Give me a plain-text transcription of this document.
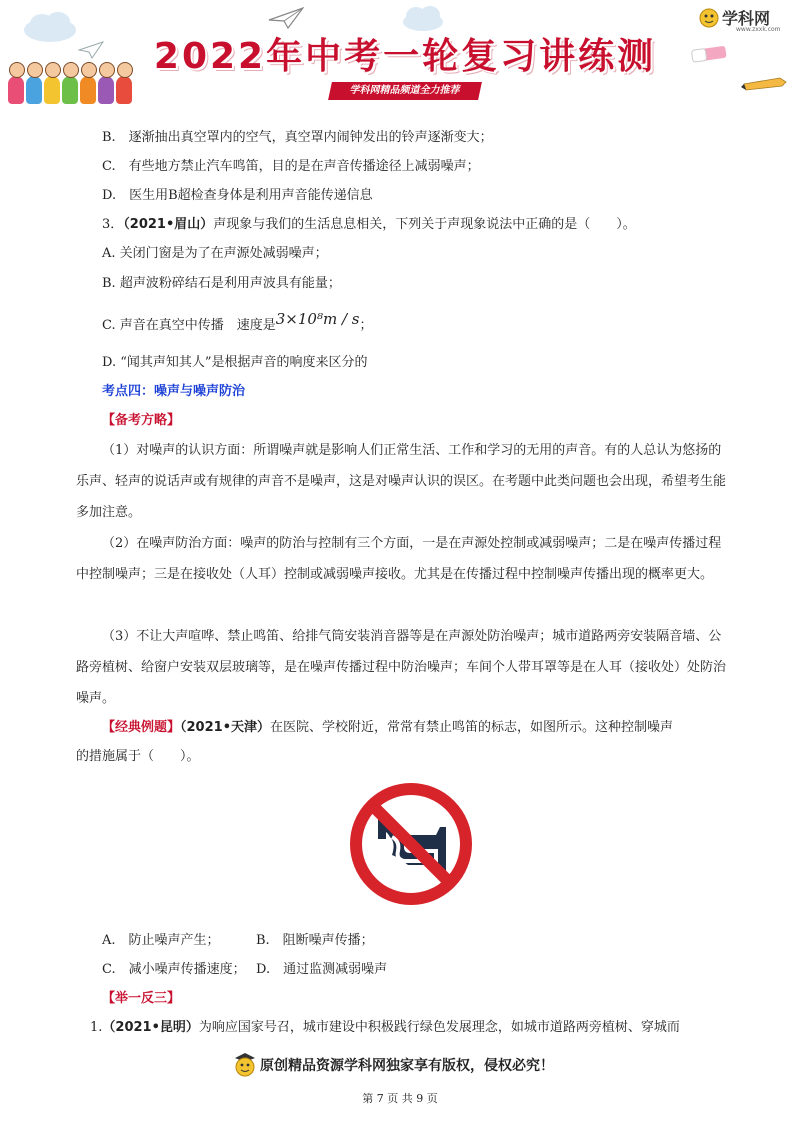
2022年中考一轮复习讲练测
学科网精品频道全力推荐
学科网
www.zxxk.com
B. 逐渐抽出真空罩内的空气，真空罩内闹钟发出的铃声逐渐变大；
C. 有些地方禁止汽车鸣笛，目的是在声音传播途径上减弱噪声；
D. 医生用B超检查身体是利用声音能传递信息
3．（2021•眉山）声现象与我们的生活息息相关，下列关于声现象说法中正确的是（  ）。
A. 关闭门窗是为了在声源处减弱噪声；
B. 超声波粉碎结石是利用声波具有能量；
C. 声音在真空中传播 速度是3×10⁸m / s；
D. “闻其声知其人”是根据声音的响度来区分的
考点四：噪声与噪声防治
【备考方略】
（1）对噪声的认识方面：所谓噪声就是影响人们正常生活、工作和学习的无用的声音。有的人总认为悠扬的乐声、轻声的说话声或有规律的声音不是噪声，这是对噪声认识的误区。在考题中此类问题也会出现，希望考生能多加注意。
（2）在噪声防治方面：噪声的防治与控制有三个方面，一是在声源处控制或减弱噪声；二是在噪声传播过程中控制噪声；三是在接收处（人耳）控制或减弱噪声接收。尤其是在传播过程中控制噪声传播出现的概率更大。
（3）不让大声喧哗、禁止鸣笛、给排气筒安装消音器等是在声源处防治噪声；城市道路两旁安装隔音墙、公路旁植树、给窗户安装双层玻璃等，是在噪声传播过程中防治噪声；车间个人带耳罩等是在人耳（接收处）处防治噪声。
【经典例题】（2021•天津）在医院、学校附近，常常有禁止鸣笛的标志，如图所示。这种控制噪声
的措施属于（  ）。
A. 防止噪声产生；	B. 阻断噪声传播；
C. 减小噪声传播速度； D. 通过监测减弱噪声
【举一反三】
1.（2021•昆明）为响应国家号召，城市建设中积极践行绿色发展理念，如城市道路两旁植树、穿城而
原创精品资源学科网独家享有版权，侵权必究！
第 7 页 共 9 页
